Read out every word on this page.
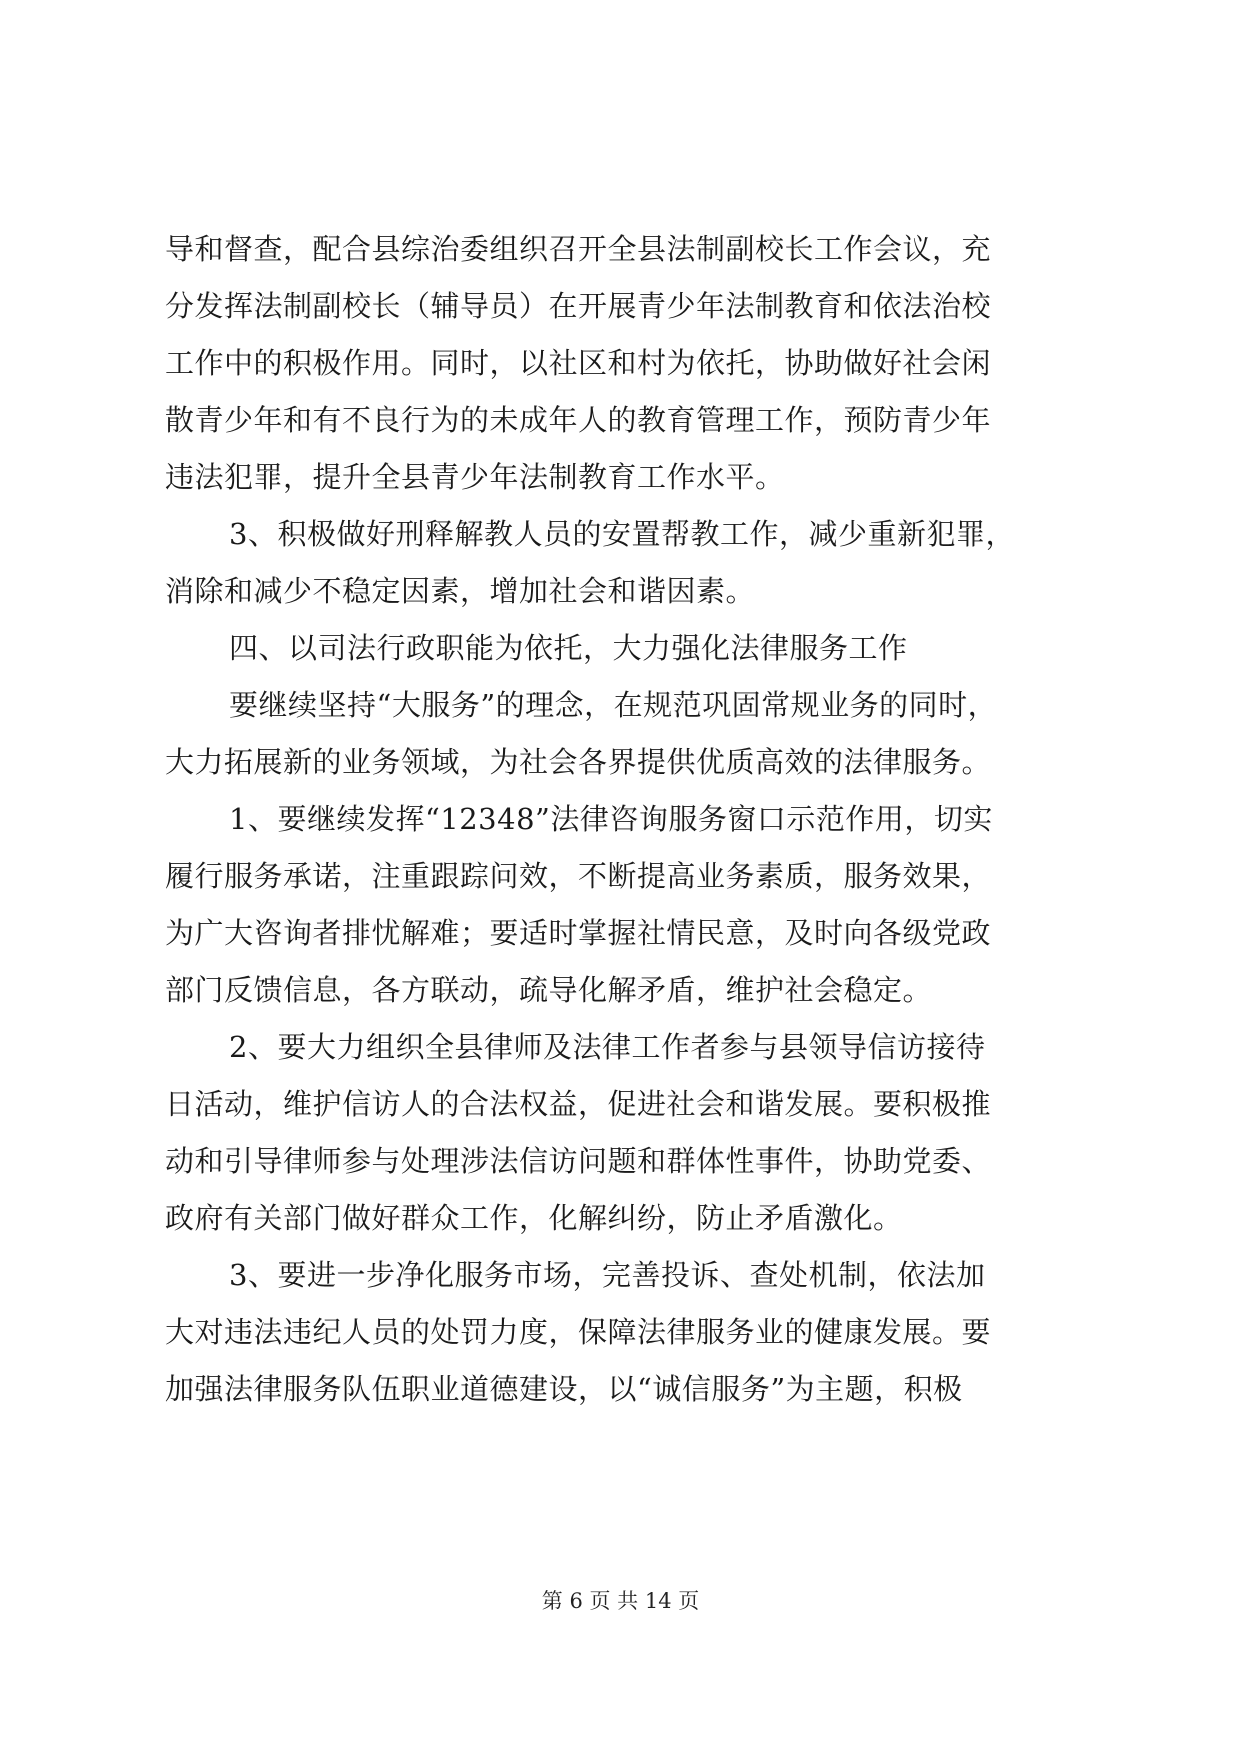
导和督查，配合县综治委组织召开全县法制副校长工作会议，充
分发挥法制副校长（辅导员）在开展青少年法制教育和依法治校
工作中的积极作用。同时，以社区和村为依托，协助做好社会闲
散青少年和有不良行为的未成年人的教育管理工作，预防青少年
违法犯罪，提升全县青少年法制教育工作水平。
3、积极做好刑释解教人员的安置帮教工作，减少重新犯罪，
消除和减少不稳定因素，增加社会和谐因素。
四、以司法行政职能为依托，大力强化法律服务工作
要继续坚持“大服务”的理念，在规范巩固常规业务的同时，
大力拓展新的业务领域，为社会各界提供优质高效的法律服务。
1、要继续发挥“12348”法律咨询服务窗口示范作用，切实
履行服务承诺，注重跟踪问效，不断提高业务素质，服务效果，
为广大咨询者排忧解难；要适时掌握社情民意，及时向各级党政
部门反馈信息，各方联动，疏导化解矛盾，维护社会稳定。
2、要大力组织全县律师及法律工作者参与县领导信访接待
日活动，维护信访人的合法权益，促进社会和谐发展。要积极推
动和引导律师参与处理涉法信访问题和群体性事件，协助党委、
政府有关部门做好群众工作，化解纠纷，防止矛盾激化。
3、要进一步净化服务市场，完善投诉、查处机制，依法加
大对违法违纪人员的处罚力度，保障法律服务业的健康发展。要
加强法律服务队伍职业道德建设，以“诚信服务”为主题，积极
第 6 页 共 14 页
